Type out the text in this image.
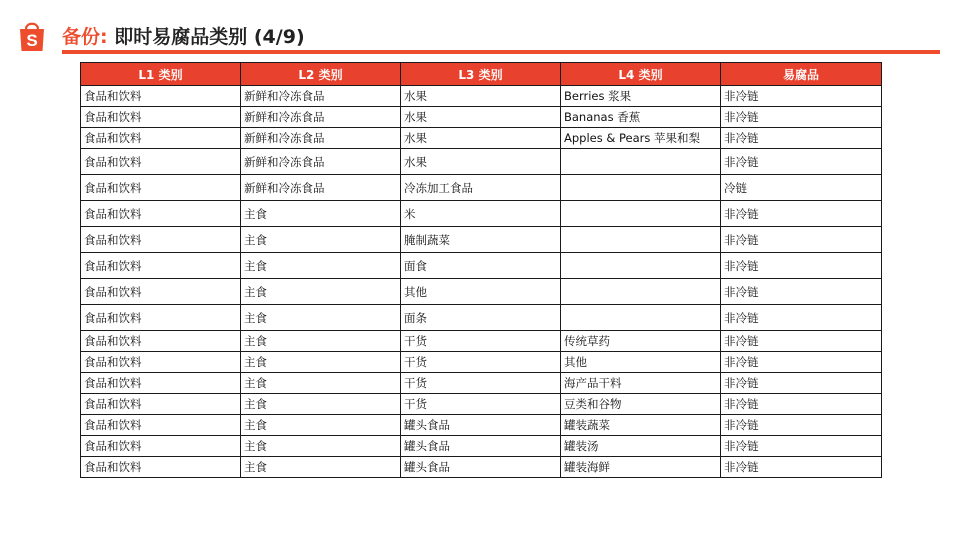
S 备份: 即时易腐品类别 (4/9)
L1 类别	L2 类别	L3 类别	L4 类别	易腐品
食品和饮料	新鲜和冷冻食品	水果	Berries 浆果	非冷链
食品和饮料	新鲜和冷冻食品	水果	Bananas 香蕉	非冷链
食品和饮料	新鲜和冷冻食品	水果	Apples & Pears 苹果和梨	非冷链
食品和饮料	新鲜和冷冻食品	水果		非冷链
食品和饮料	新鲜和冷冻食品	冷冻加工食品		冷链
食品和饮料	主食	米		非冷链
食品和饮料	主食	腌制蔬菜		非冷链
食品和饮料	主食	面食		非冷链
食品和饮料	主食	其他		非冷链
食品和饮料	主食	面条		非冷链
食品和饮料	主食	干货	传统草药	非冷链
食品和饮料	主食	干货	其他	非冷链
食品和饮料	主食	干货	海产品干料	非冷链
食品和饮料	主食	干货	豆类和谷物	非冷链
食品和饮料	主食	罐头食品	罐装蔬菜	非冷链
食品和饮料	主食	罐头食品	罐装汤	非冷链
食品和饮料	主食	罐头食品	罐装海鲜	非冷链
